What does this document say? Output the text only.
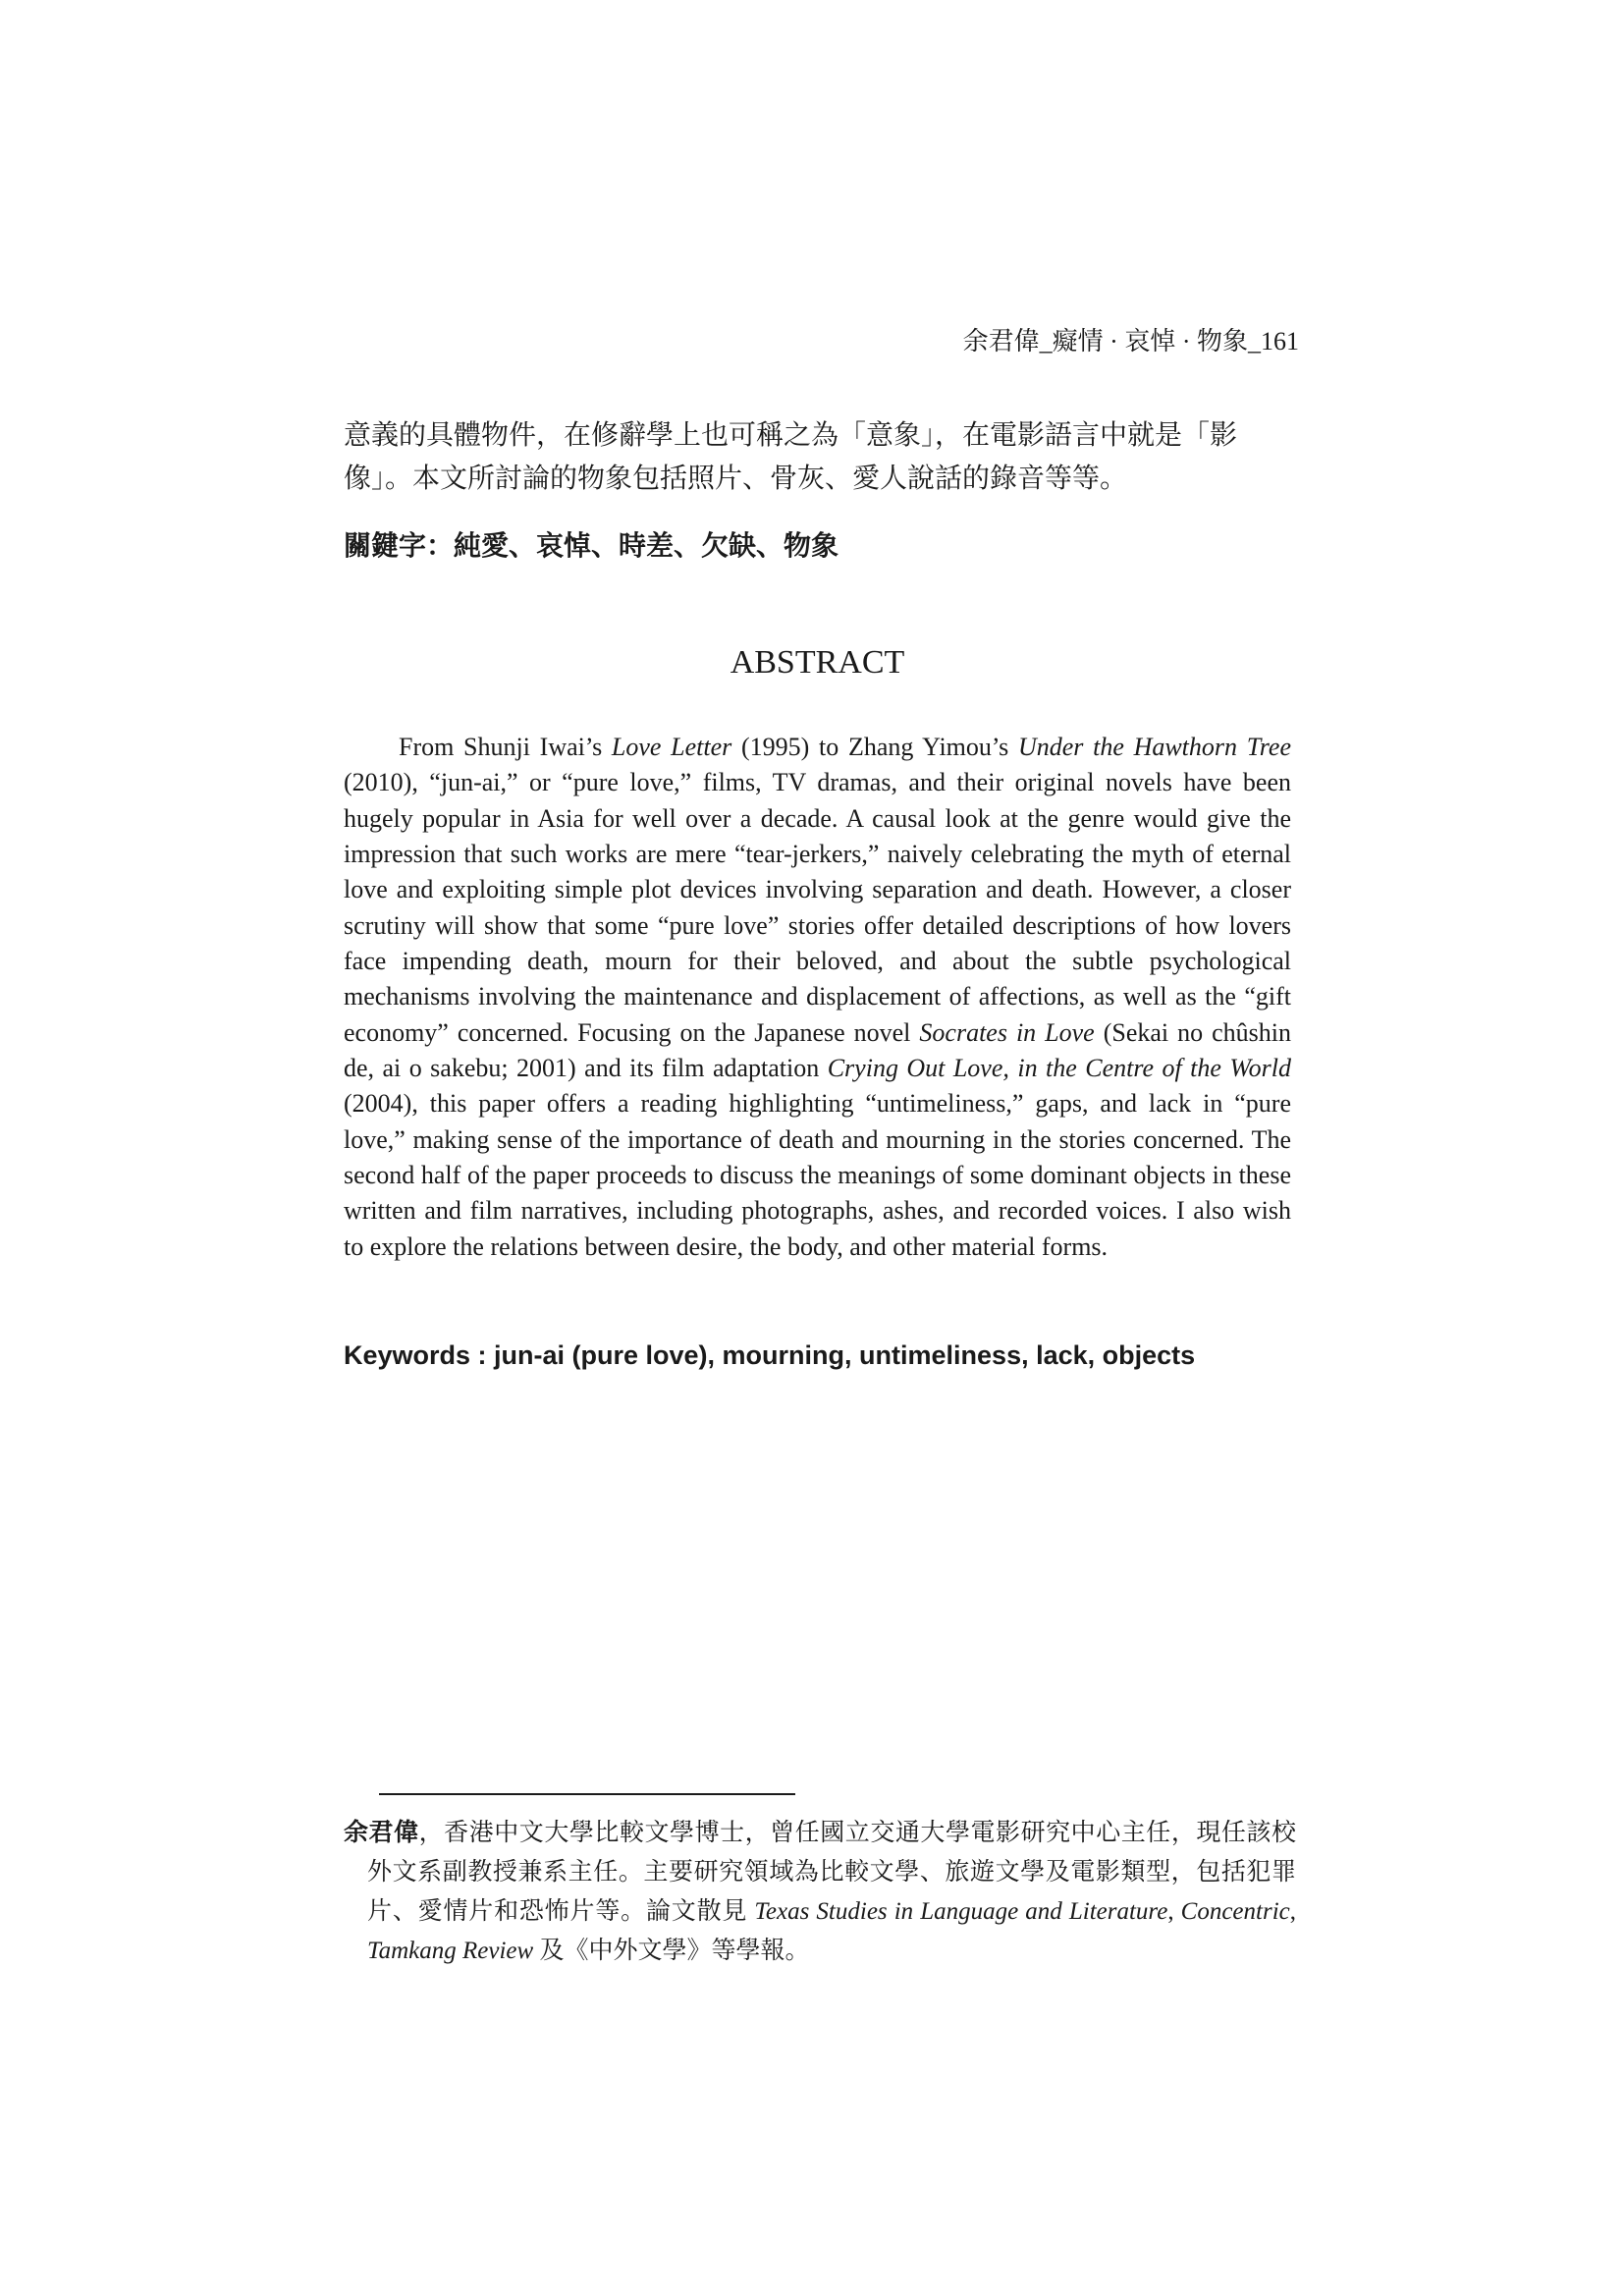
余君偉_癡情 · 哀悼 · 物象_161

意義的具體物件，在修辭學上也可稱之為「意象」，在電影語言中就是「影像」。本文所討論的物象包括照片、骨灰、愛人說話的錄音等等。

關鍵字：純愛、哀悼、時差、欠缺、物象

ABSTRACT

From Shunji Iwai’s Love Letter (1995) to Zhang Yimou’s Under the Hawthorn Tree (2010), “jun-ai,” or “pure love,” films, TV dramas, and their original novels have been hugely popular in Asia for well over a decade. A causal look at the genre would give the impression that such works are mere “tear-jerkers,” naively celebrating the myth of eternal love and exploiting simple plot devices involving separation and death. However, a closer scrutiny will show that some “pure love” stories offer detailed descriptions of how lovers face impending death, mourn for their beloved, and about the subtle psychological mechanisms involving the maintenance and displacement of affections, as well as the “gift economy” concerned. Focusing on the Japanese novel Socrates in Love (Sekai no chûshin de, ai o sakebu; 2001) and its film adaptation Crying Out Love, in the Centre of the World (2004), this paper offers a reading highlighting “untimeliness,” gaps, and lack in “pure love,” making sense of the importance of death and mourning in the stories concerned. The second half of the paper proceeds to discuss the meanings of some dominant objects in these written and film narratives, including photographs, ashes, and recorded voices. I also wish to explore the relations between desire, the body, and other material forms.

Keywords : jun-ai (pure love), mourning, untimeliness, lack, objects

余君偉，香港中文大學比較文學博士，曾任國立交通大學電影研究中心主任，現任該校外文系副教授兼系主任。主要研究領域為比較文學、旅遊文學及電影類型，包括犯罪片、愛情片和恐怖片等。論文散見 Texas Studies in Language and Literature, Concentric, Tamkang Review 及《中外文學》等學報。
